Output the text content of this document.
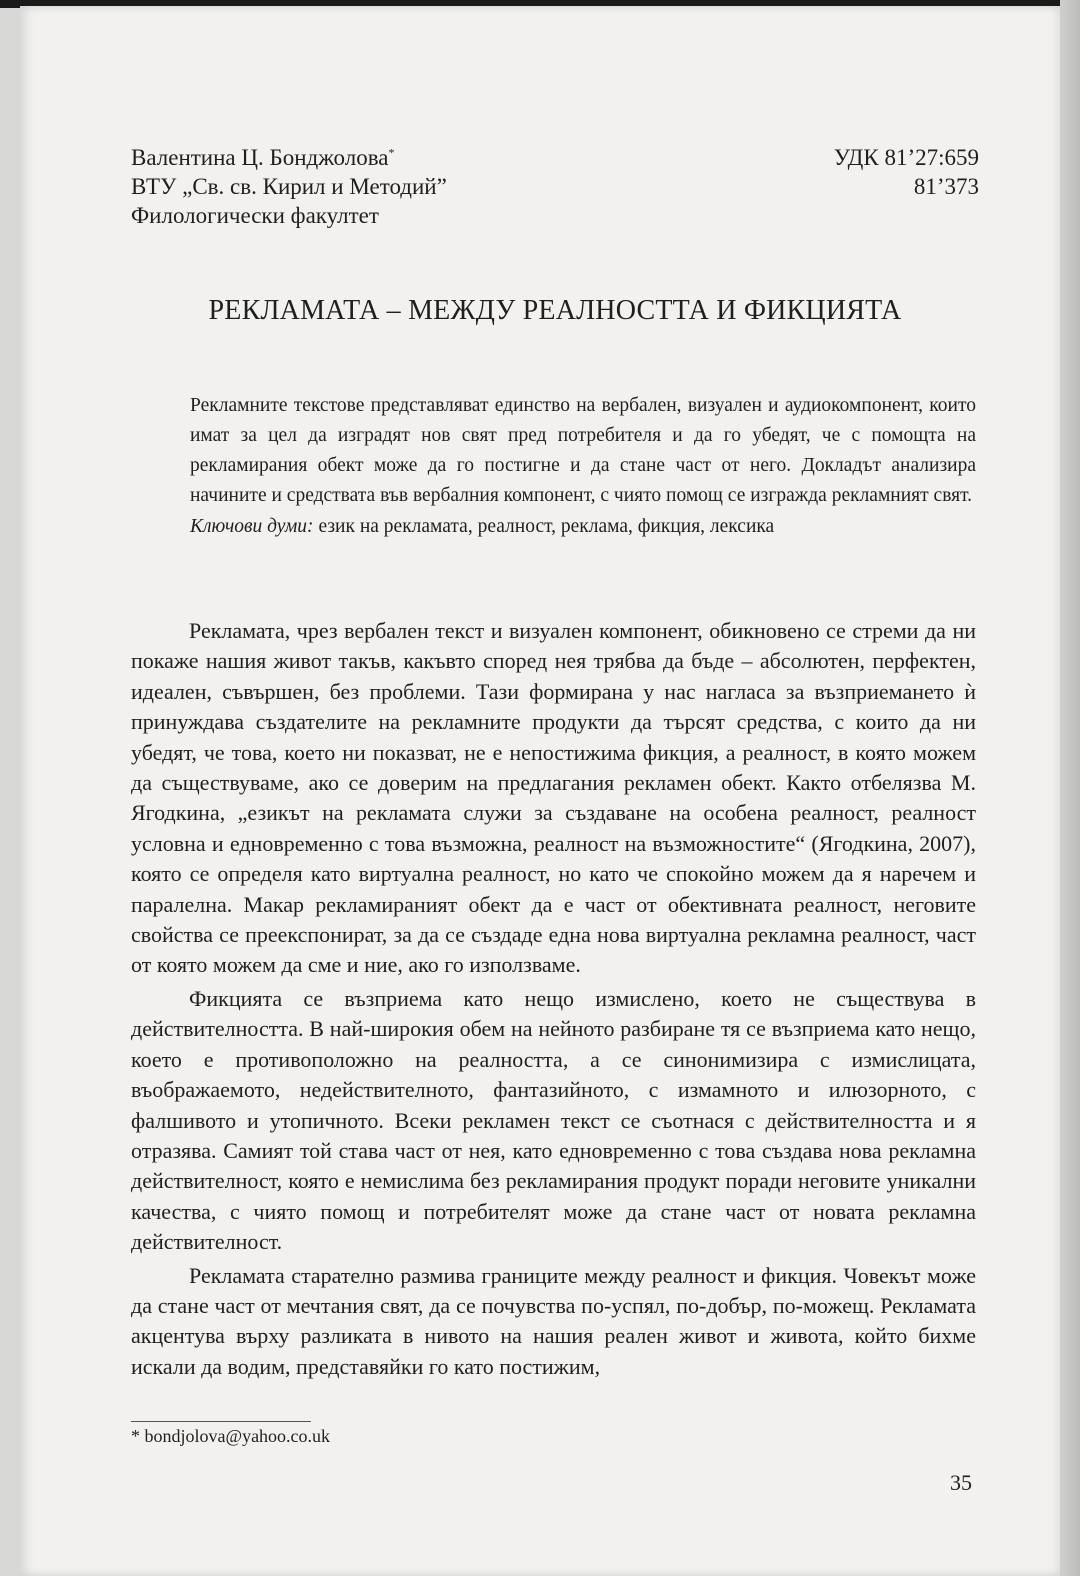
Валентина Ц. Бонджолова*
ВТУ „Св. св. Кирил и Методий”
Филологически факултет
УДК 81’27:659
81’373
РЕКЛАМАТА – МЕЖДУ РЕАЛНОСТТА И ФИКЦИЯТА

Рекламните текстове представляват единство на вербален, визуален и аудиокомпонент, които имат за цел да изградят нов свят пред потребителя и да го убедят, че с помощта на рекламирания обект може да го постигне и да стане част от него. Докладът анализира начините и средствата във вербалния компонент, с чиято помощ се изгражда рекламният свят.

Ключови думи: език на рекламата, реалност, реклама, фикция, лексика

Рекламата, чрез вербален текст и визуален компонент, обикновено се стреми да ни покаже нашия живот такъв, какъвто според нея трябва да бъде – абсолютен, перфектен, идеален, съвършен, без проблеми. Тази формирана у нас нагласа за възприемането ѝ принуждава създателите на рекламните продукти да търсят средства, с които да ни убедят, че това, което ни показват, не е непостижима фикция, а реалност, в която можем да съществуваме, ако се доверим на предлагания рекламен обект. Както отбелязва М. Ягодкина, „езикът на рекламата служи за създаване на особена реалност, реалност условна и едновременно с това възможна, реалност на възможностите“ (Ягодкина, 2007), която се определя като виртуална реалност, но като че спокойно можем да я наречем и паралелна. Макар рекламираният обект да е част от обективната реалност, неговите свойства се преекспонират, за да се създаде една нова виртуална рекламна реалност, част от която можем да сме и ние, ако го използваме.

Фикцията се възприема като нещо измислено, което не съществува в действителността. В най-широкия обем на нейното разбиране тя се възприема като нещо, което е противоположно на реалността, а се синонимизира с измислицата, въображаемото, недействителното, фантазийното, с измамното и илюзорното, с фалшивото и утопичното. Всеки рекламен текст се съотнася с действителността и я отразява. Самият той става част от нея, като едновременно с това създава нова рекламна действителност, която е немислима без рекламирания продукт поради неговите уникални качества, с чиято помощ и потребителят може да стане част от новата рекламна действителност.

Рекламата старателно размива границите между реалност и фикция. Човекът може да стане част от мечтания свят, да се почувства по-успял, по-добър, по-можещ. Рекламата акцентува върху разликата в нивото на нашия реален живот и живота, който бихме искали да водим, представяйки го като постижим,

* bondjolova@yahoo.co.uk
35
